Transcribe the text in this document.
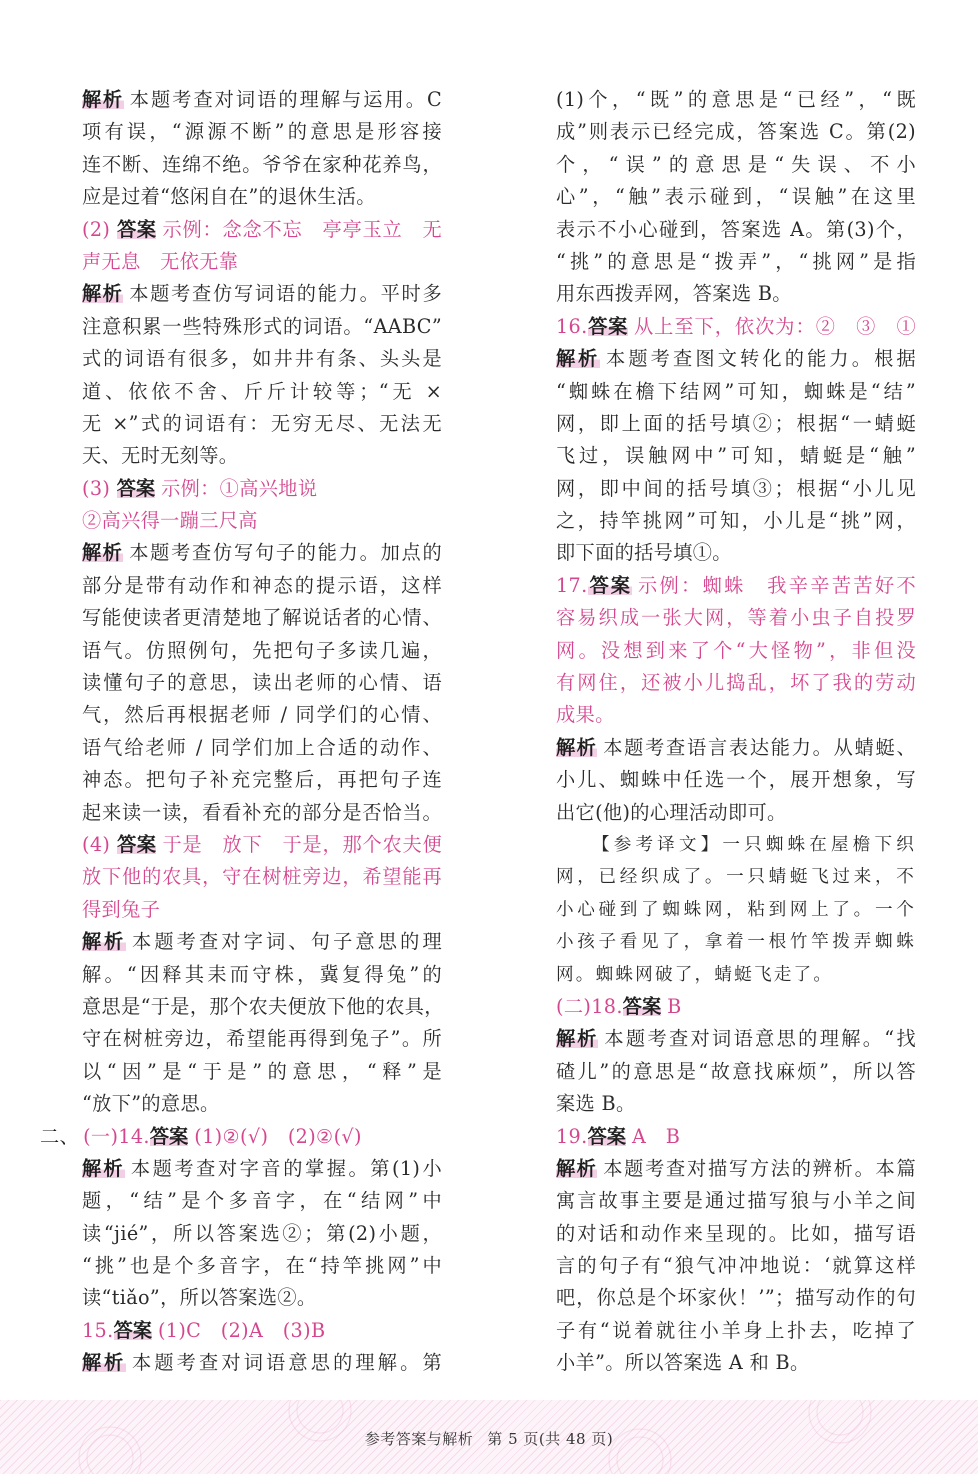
解析 本题考查对词语的理解与运用。C
项有误，“源源不断”的意思是形容接
连不断、连绵不绝。爷爷在家种花养鸟，
应是过着“悠闲自在”的退休生活。
(2) 答案 示例：念念不忘　亭亭玉立　无
声无息　无依无靠
解析 本题考查仿写词语的能力。平时多
注意积累一些特殊形式的词语。“AABC”
式的词语有很多，如井井有条、头头是
道、依依不舍、斤斤计较等；“无 ×
无 ×”式的词语有：无穷无尽、无法无
天、无时无刻等。
(3) 答案 示例：①高兴地说
②高兴得一蹦三尺高
解析 本题考查仿写句子的能力。加点的
部分是带有动作和神态的提示语，这样
写能使读者更清楚地了解说话者的心情、
语气。仿照例句，先把句子多读几遍，
读懂句子的意思，读出老师的心情、语
气，然后再根据老师 / 同学们的心情、
语气给老师 / 同学们加上合适的动作、
神态。把句子补充完整后，再把句子连
起来读一读，看看补充的部分是否恰当。
(4) 答案 于是　放下　于是，那个农夫便
放下他的农具，守在树桩旁边，希望能再
得到兔子
解析 本题考查对字词、句子意思的理
解。“因释其耒而守株，冀复得兔”的
意思是“于是，那个农夫便放下他的农具，
守在树桩旁边，希望能再得到兔子”。所
以“因”是“于是”的意思，“释”是
“放下”的意思。
二、 (一)14.答案 (1)②(√)　(2)②(√)
解析 本题考查对字音的掌握。第(1)小
题，“结”是个多音字，在“结网”中
读“jié”，所以答案选②；第(2)小题，
“挑”也是个多音字，在“持竿挑网”中
读“tiǎo”，所以答案选②。
15.答案 (1)C　(2)A　(3)B
解析 本题考查对词语意思的理解。第
(1)个，“既”的意思是“已经”，“既
成”则表示已经完成，答案选 C。第(2)
个，“误”的意思是“失误、不小
心”，“触”表示碰到，“误触”在这里
表示不小心碰到，答案选 A。第(3)个，
“挑”的意思是“拨弄”，“挑网”是指
用东西拨弄网，答案选 B。
16.答案 从上至下，依次为：②　③　①
解析 本题考查图文转化的能力。根据
“蜘蛛在檐下结网”可知，蜘蛛是“结”
网，即上面的括号填②；根据“一蜻蜓
飞过，误触网中”可知，蜻蜓是“触”
网，即中间的括号填③；根据“小儿见
之，持竿挑网”可知，小儿是“挑”网，
即下面的括号填①。
17.答案 示例：蜘蛛　我辛辛苦苦好不
容易织成一张大网，等着小虫子自投罗
网。没想到来了个“大怪物”，非但没
有网住，还被小儿捣乱，坏了我的劳动
成果。
解析 本题考查语言表达能力。从蜻蜓、
小儿、蜘蛛中任选一个，展开想象，写
出它(他)的心理活动即可。
【参考译文】一只蜘蛛在屋檐下织
网，已经织成了。一只蜻蜓飞过来，不
小心碰到了蜘蛛网，粘到网上了。一个
小孩子看见了，拿着一根竹竿拨弄蜘蛛
网。蜘蛛网破了，蜻蜓飞走了。
(二)18.答案 B
解析 本题考查对词语意思的理解。“找
碴儿”的意思是“故意找麻烦”，所以答
案选 B。
19.答案 A　B
解析 本题考查对描写方法的辨析。本篇
寓言故事主要是通过描写狼与小羊之间
的对话和动作来呈现的。比如，描写语
言的句子有“狼气冲冲地说：‘就算这样
吧，你总是个坏家伙！’”；描写动作的句
子有“说着就往小羊身上扑去，吃掉了
小羊”。所以答案选 A 和 B。
参考答案与解析 第 5 页(共 48 页)
